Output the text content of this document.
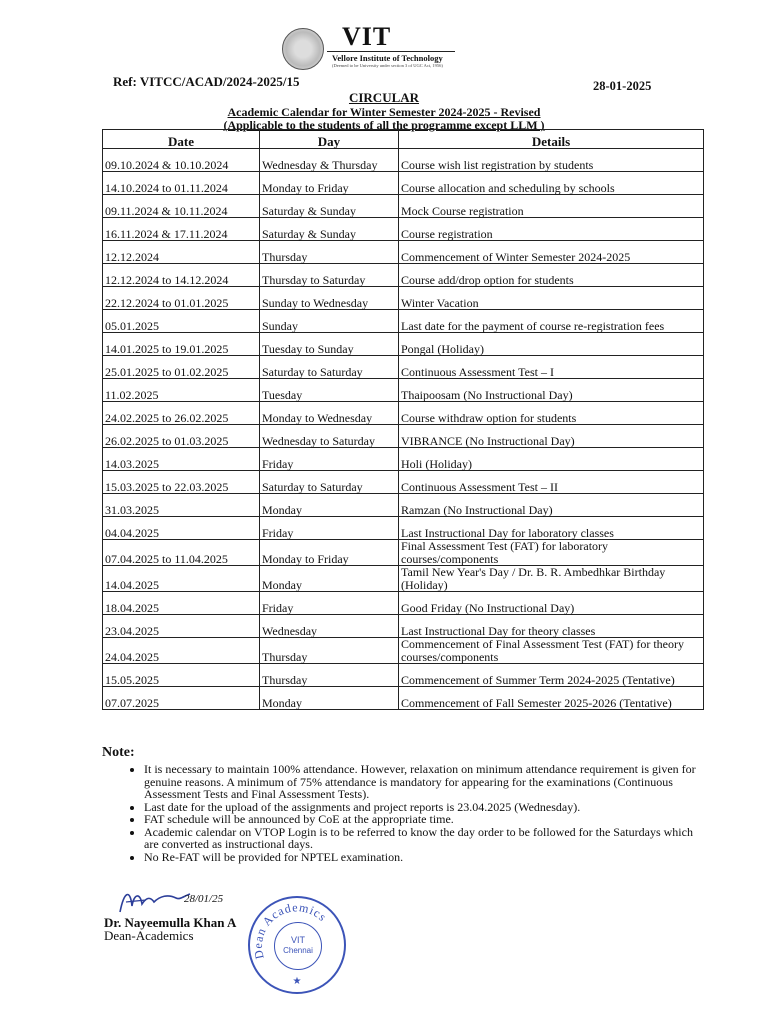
VIT
Vellore Institute of Technology
(Deemed to be University under section 3 of UGC Act, 1956)
Ref: VITCC/ACAD/2024-2025/15	28-01-2025
CIRCULAR
Academic Calendar for Winter Semester 2024-2025 - Revised
(Applicable to the students of all the programme except LLM )
Date	Day	Details
09.10.2024 & 10.10.2024	Wednesday & Thursday	Course wish list registration by students
14.10.2024 to 01.11.2024	Monday to Friday	Course allocation and scheduling by schools
09.11.2024 & 10.11.2024	Saturday & Sunday	Mock Course registration
16.11.2024 & 17.11.2024	Saturday & Sunday	Course registration
12.12.2024	Thursday	Commencement of Winter Semester 2024-2025
12.12.2024 to 14.12.2024	Thursday to Saturday	Course add/drop option for students
22.12.2024 to 01.01.2025	Sunday to Wednesday	Winter Vacation
05.01.2025	Sunday	Last date for the payment of course re-registration fees
14.01.2025 to 19.01.2025	Tuesday to Sunday	Pongal (Holiday)
25.01.2025 to 01.02.2025	Saturday to Saturday	Continuous Assessment Test – I
11.02.2025	Tuesday	Thaipoosam (No Instructional Day)
24.02.2025 to 26.02.2025	Monday to Wednesday	Course withdraw option for students
26.02.2025 to 01.03.2025	Wednesday to Saturday	VIBRANCE (No Instructional Day)
14.03.2025	Friday	Holi (Holiday)
15.03.2025 to 22.03.2025	Saturday to Saturday	Continuous Assessment Test – II
31.03.2025	Monday	Ramzan (No Instructional Day)
04.04.2025	Friday	Last Instructional Day for laboratory classes
07.04.2025 to 11.04.2025	Monday to Friday	Final Assessment Test (FAT) for laboratory courses/components
14.04.2025	Monday	Tamil New Year's Day / Dr. B. R. Ambedhkar Birthday (Holiday)
18.04.2025	Friday	Good Friday (No Instructional Day)
23.04.2025	Wednesday	Last Instructional Day for theory classes
24.04.2025	Thursday	Commencement of Final Assessment Test (FAT) for theory courses/components
15.05.2025	Thursday	Commencement of Summer Term 2024-2025 (Tentative)
07.07.2025	Monday	Commencement of Fall Semester 2025-2026 (Tentative)
Note:
• It is necessary to maintain 100% attendance. However, relaxation on minimum attendance requirement is given for genuine reasons. A minimum of 75% attendance is mandatory for appearing for the examinations (Continuous Assessment Tests and Final Assessment Tests).
• Last date for the upload of the assignments and project reports is 23.04.2025 (Wednesday).
• FAT schedule will be announced by CoE at the appropriate time.
• Academic calendar on VTOP Login is to be referred to know the day order to be followed for the Saturdays which are converted as instructional days.
• No Re-FAT will be provided for NPTEL examination.
28/01/25
Dr. Nayeemulla Khan A
Dean-Academics
Dean Academics
★
VIT
Chennai
